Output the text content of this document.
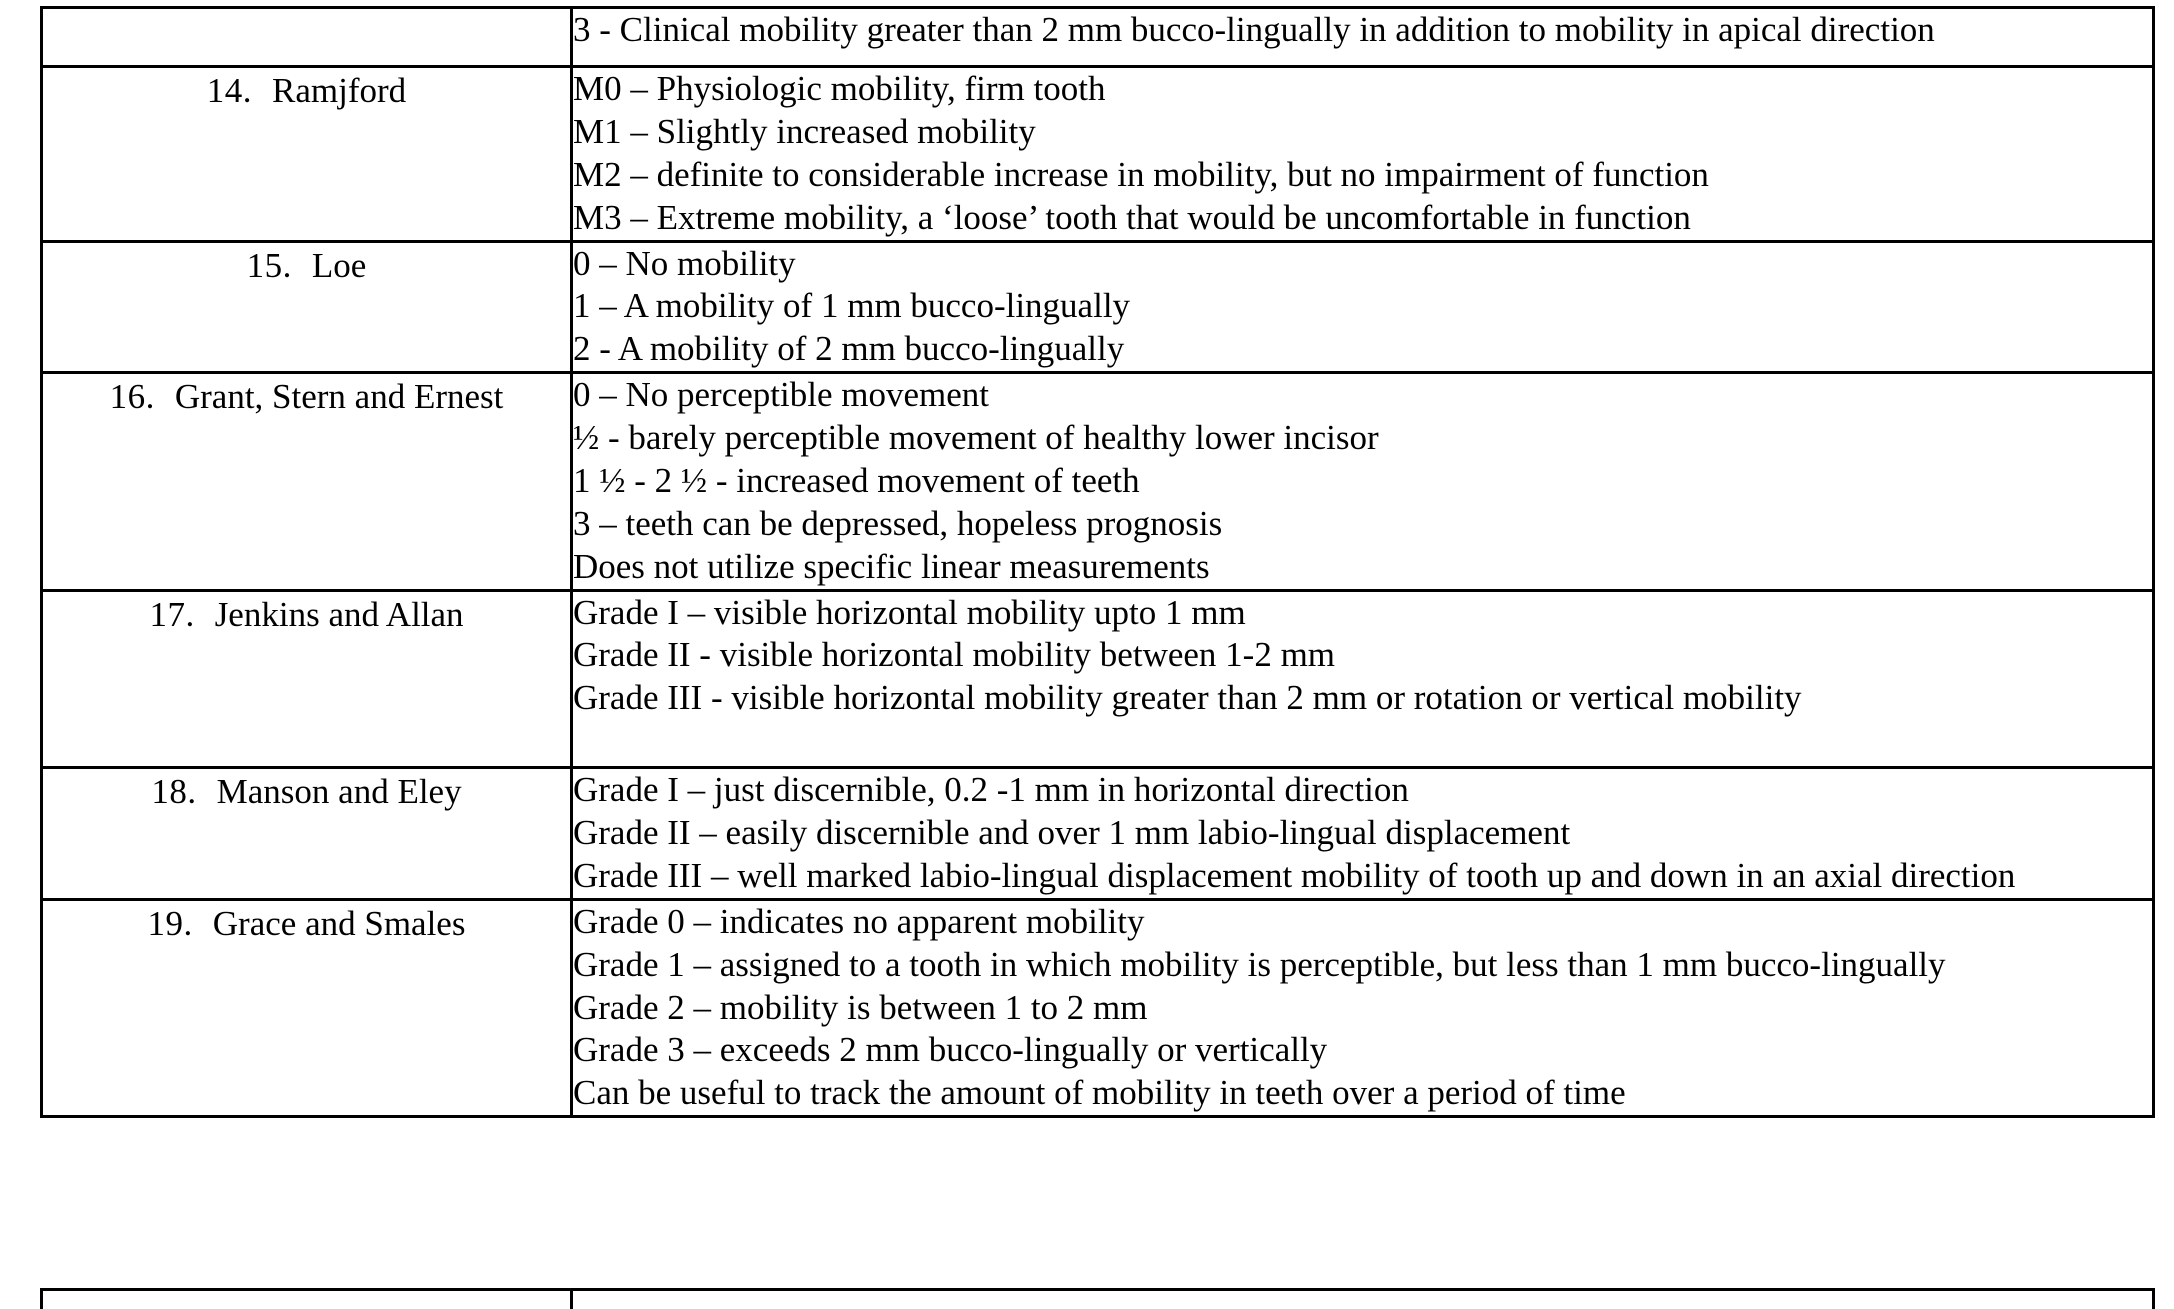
	3 - Clinical mobility greater than 2 mm bucco-lingually in addition to mobility in apical direction

14. Ramjford	M0 – Physiologic mobility, firm tooth
M1 – Slightly increased mobility
M2 – definite to considerable increase in mobility, but no impairment of function
M3 – Extreme mobility, a ‘loose’ tooth that would be uncomfortable in function

15. Loe	0 – No mobility
1 – A mobility of 1 mm bucco-lingually
2 - A mobility of 2 mm bucco-lingually

16. Grant, Stern and Ernest	0 – No perceptible movement
½ - barely perceptible movement of healthy lower incisor
1 ½ - 2 ½ - increased movement of teeth
3 – teeth can be depressed, hopeless prognosis
Does not utilize specific linear measurements

17. Jenkins and Allan	Grade I – visible horizontal mobility upto 1 mm
Grade II - visible horizontal mobility between 1-2 mm
Grade III - visible horizontal mobility greater than 2 mm or rotation or vertical mobility

18. Manson and Eley	Grade I – just discernible, 0.2 -1 mm in horizontal direction
Grade II – easily discernible and over 1 mm labio-lingual displacement
Grade III – well marked labio-lingual displacement mobility of tooth up and down in an axial direction

19. Grace and Smales	Grade 0 – indicates no apparent mobility
Grade 1 – assigned to a tooth in which mobility is perceptible, but less than 1 mm bucco-lingually
Grade 2 – mobility is between 1 to 2 mm
Grade 3 – exceeds 2 mm bucco-lingually or vertically
Can be useful to track the amount of mobility in teeth over a period of time
